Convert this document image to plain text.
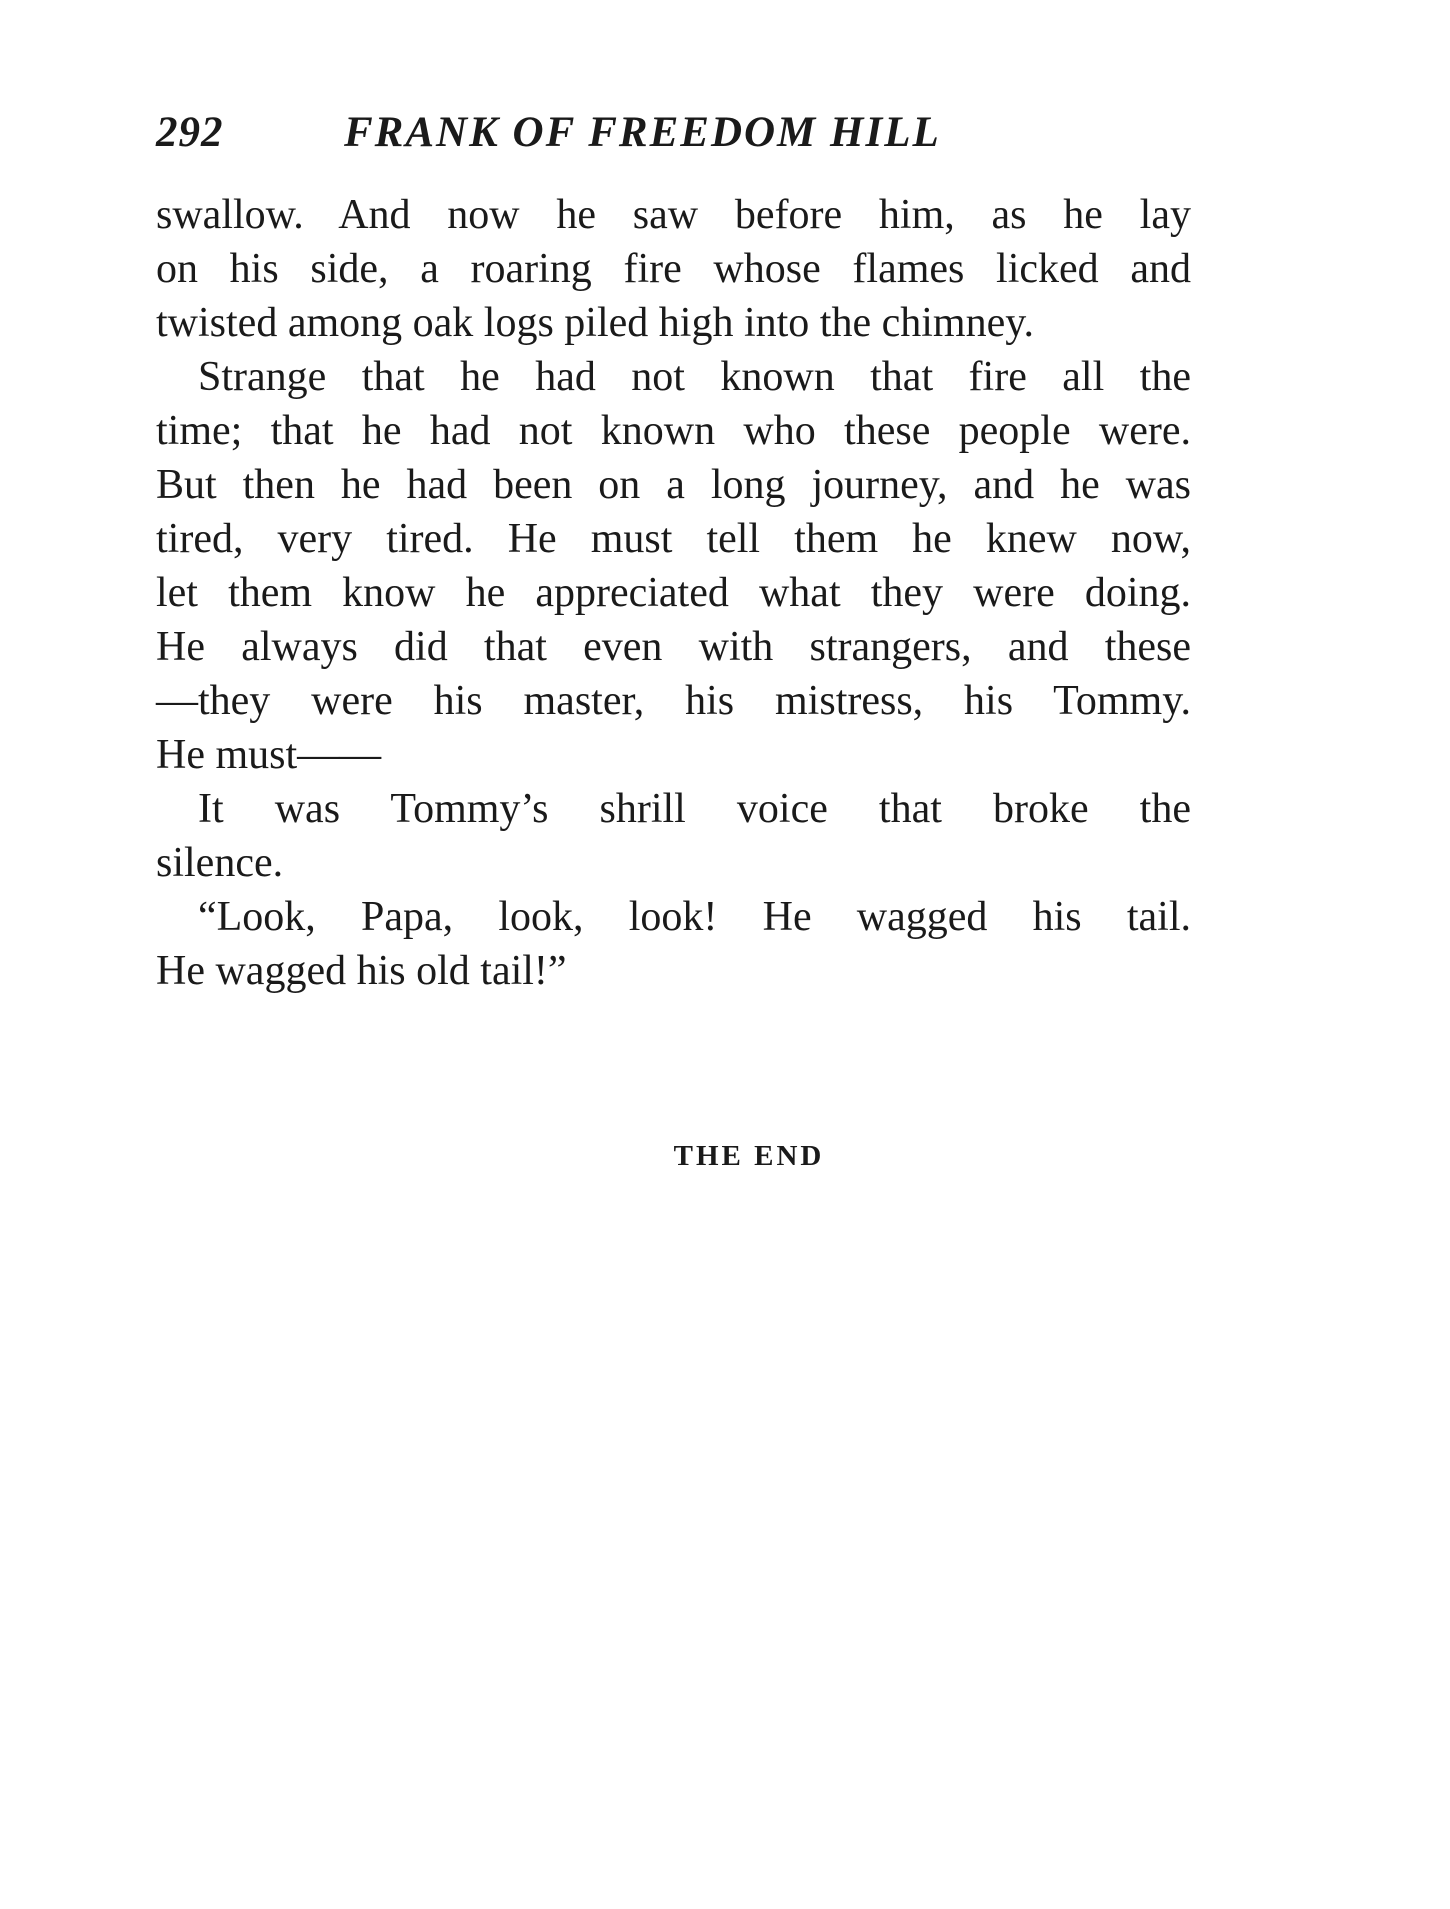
292	FRANK OF FREEDOM HILL
swallow. And now he saw before him, as he lay
on his side, a roaring fire whose flames licked and
twisted among oak logs piled high into the chimney.
Strange that he had not known that fire all the
time; that he had not known who these people were.
But then he had been on a long journey, and he was
tired, very tired. He must tell them he knew now,
let them know he appreciated what they were doing.
He always did that even with strangers, and these
—they were his master, his mistress, his Tommy.
He must——
It was Tommy’s shrill voice that broke the
silence.
“Look, Papa, look, look! He wagged his tail.
He wagged his old tail!”
THE END
